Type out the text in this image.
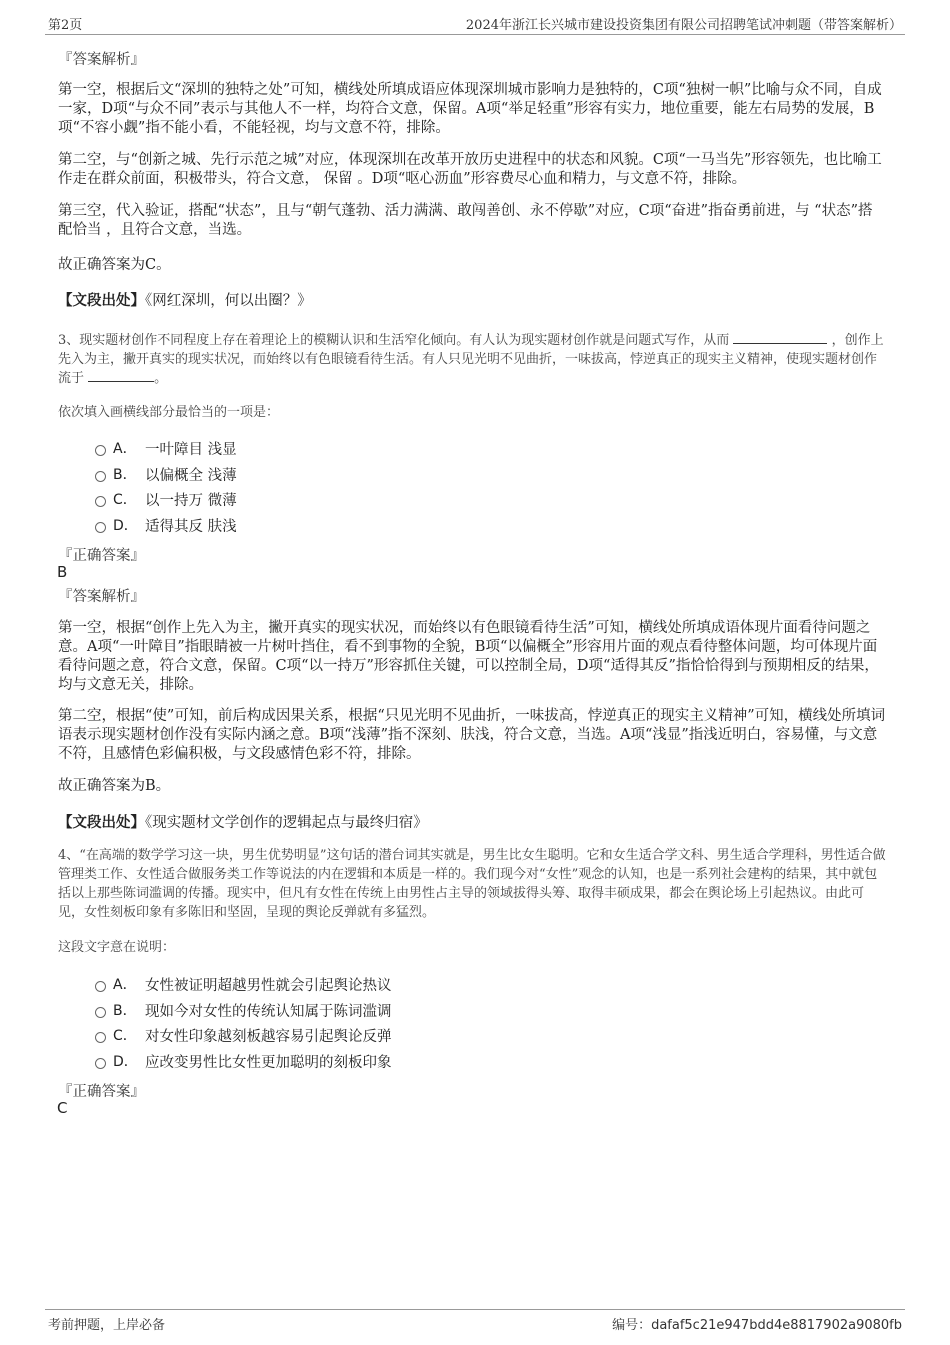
第2页	2024年浙江长兴城市建设投资集团有限公司招聘笔试冲刺题（带答案解析）
『答案解析』
第一空，根据后文“深圳的独特之处”可知，横线处所填成语应体现深圳城市影响力是独特的，C项“独树一帜”比喻与众不同，自成一家，D项“与众不同”表示与其他人不一样，均符合文意，保留。A项“举足轻重”形容有实力，地位重要，能左右局势的发展，B项“不容小觑”指不能小看，不能轻视，均与文意不符，排除。
第二空，与“创新之城、先行示范之城”对应，体现深圳在改革开放历史进程中的状态和风貌。C项“一马当先”形容领先，也比喻工作走在群众前面，积极带头，符合文意， 保留 。D项“呕心沥血”形容费尽心血和精力，与文意不符，排除。
第三空，代入验证，搭配“状态”，且与“朝气蓬勃、活力满满、敢闯善创、永不停歇”对应，C项“奋进”指奋勇前进，与 “状态”搭配恰当 ，且符合文意，当选。
故正确答案为C。
【文段出处】《网红深圳，何以出圈？》
3、现实题材创作不同程度上存在着理论上的模糊认识和生活窄化倾向。有人认为现实题材创作就是问题式写作，从而	，创作上先入为主，撇开真实的现实状况，而始终以有色眼镜看待生活。有人只见光明不见曲折，一味拔高，悖逆真正的现实主义精神，使现实题材创作流于	。
依次填入画横线部分最恰当的一项是：
A． 一叶障目 浅显
B． 以偏概全 浅薄
C． 以一持万 微薄
D． 适得其反 肤浅
『正确答案』
B
『答案解析』
第一空，根据“创作上先入为主，撇开真实的现实状况，而始终以有色眼镜看待生活”可知，横线处所填成语体现片面看待问题之意。A项“一叶障目”指眼睛被一片树叶挡住，看不到事物的全貌，B项“以偏概全”形容用片面的观点看待整体问题，均可体现片面看待问题之意，符合文意，保留。C项“以一持万”形容抓住关键，可以控制全局，D项“适得其反”指恰恰得到与预期相反的结果，均与文意无关，排除。
第二空，根据“使”可知，前后构成因果关系，根据“只见光明不见曲折，一味拔高，悖逆真正的现实主义精神”可知，横线处所填词语表示现实题材创作没有实际内涵之意。B项“浅薄”指不深刻、肤浅，符合文意，当选。A项“浅显”指浅近明白，容易懂，与文意不符，且感情色彩偏积极，与文段感情色彩不符，排除。
故正确答案为B。
【文段出处】《现实题材文学创作的逻辑起点与最终归宿》
4、“在高端的数学学习这一块，男生优势明显”这句话的潜台词其实就是，男生比女生聪明。它和女生适合学文科、男生适合学理科，男性适合做管理类工作、女性适合做服务类工作等说法的内在逻辑和本质是一样的。我们现今对“女性”观念的认知，也是一系列社会建构的结果，其中就包括以上那些陈词滥调的传播。现实中，但凡有女性在传统上由男性占主导的领域拔得头筹、取得丰硕成果，都会在舆论场上引起热议。由此可见，女性刻板印象有多陈旧和坚固，呈现的舆论反弹就有多猛烈。
这段文字意在说明：
A． 女性被证明超越男性就会引起舆论热议
B． 现如今对女性的传统认知属于陈词滥调
C． 对女性印象越刻板越容易引起舆论反弹
D． 应改变男性比女性更加聪明的刻板印象
『正确答案』
C
考前押题，上岸必备	编号：dafaf5c21e947bdd4e8817902a9080fb
